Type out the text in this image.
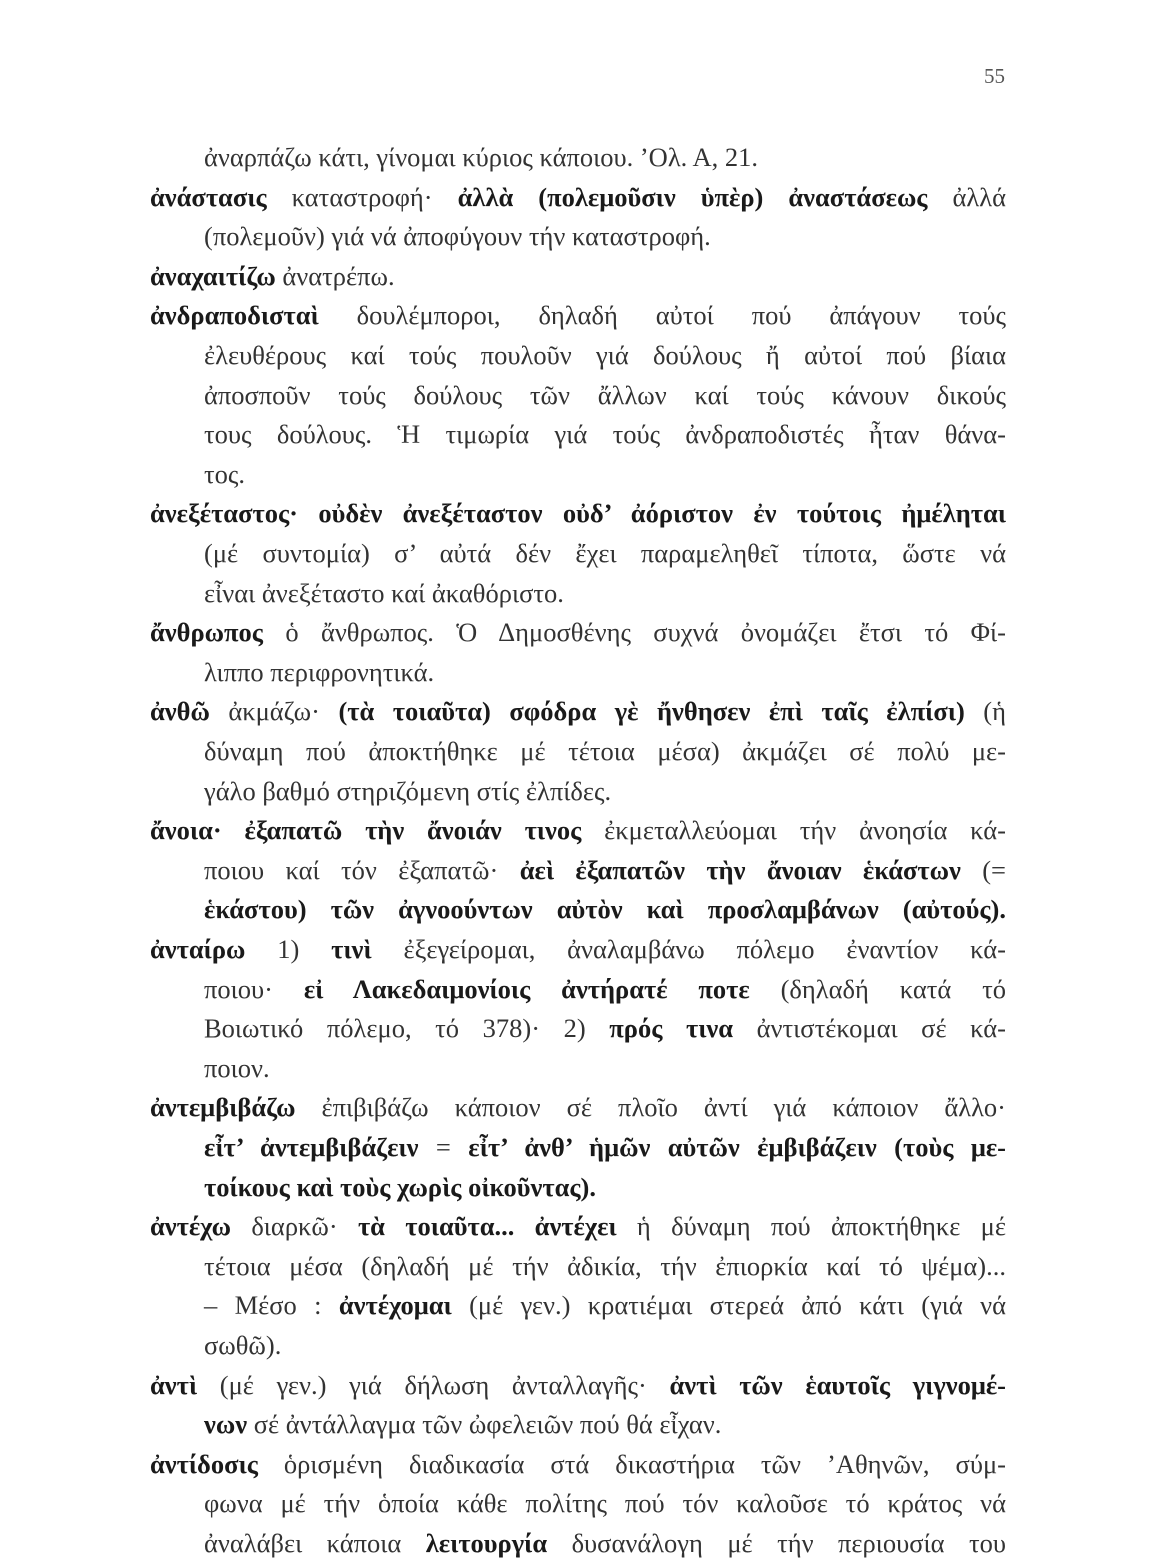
55
ἀναρπάζω κάτι, γίνομαι κύριος κάποιου. ’Ολ. Α, 21.
ἀνάστασις καταστροφή· ἀλλὰ (πολεμοῦσιν ὑπὲρ) ἀναστάσεως ἀλλά
(πολεμοῦν) γιά νά ἀποφύγουν τήν καταστροφή.
ἀναχαιτίζω ἀνατρέπω.
ἀνδραποδισταὶ δουλέμποροι, δηλαδή αὐτοί πού ἀπάγουν τούς
ἐλευθέρους καί τούς πουλοῦν γιά δούλους ἤ αὐτοί πού βίαια
ἀποσποῦν τούς δούλους τῶν ἄλλων καί τούς κάνουν δικούς
τους δούλους. Ἡ τιμωρία γιά τούς ἀνδραποδιστές ἦταν θάνα-
τος.
ἀνεξέταστος· οὐδὲν ἀνεξέταστον οὐδ’ ἀόριστον ἐν τούτοις ἠμέληται
(μέ συντομία) σ’ αὐτά δέν ἔχει παραμεληθεῖ τίποτα, ὥστε νά
εἶναι ἀνεξέταστο καί ἀκαθόριστο.
ἄνθρωπος ὁ ἄνθρωπος. Ὁ Δημοσθένης συχνά ὀνομάζει ἔτσι τό Φί-
λιππο περιφρονητικά.
ἀνθῶ ἀκμάζω· (τὰ τοιαῦτα) σφόδρα γὲ ἤνθησεν ἐπὶ ταῖς ἐλπίσι) (ἡ
δύναμη πού ἀποκτήθηκε μέ τέτοια μέσα) ἀκμάζει σέ πολύ με-
γάλο βαθμό στηριζόμενη στίς ἐλπίδες.
ἄνοια· ἐξαπατῶ τὴν ἄνοιάν τινος ἐκμεταλλεύομαι τήν ἀνοησία κά-
ποιου καί τόν ἐξαπατῶ· ἀεὶ ἐξαπατῶν τὴν ἄνοιαν ἑκάστων (=
ἑκάστου) τῶν ἀγνοούντων αὐτὸν καὶ προσλαμβάνων (αὐτούς).
ἀνταίρω 1) τινὶ ἐξεγείρομαι, ἀναλαμβάνω πόλεμο ἐναντίον κά-
ποιου· εἰ Λακεδαιμονίοις ἀντήρατέ ποτε (δηλαδή κατά τό
Βοιωτικό πόλεμο, τό 378)· 2) πρός τινα ἀντιστέκομαι σέ κά-
ποιον.
ἀντεμβιβάζω ἐπιβιβάζω κάποιον σέ πλοῖο ἀντί γιά κάποιον ἄλλο·
εἶτ’ ἀντεμβιβάζειν = εἶτ’ ἀνθ’ ἡμῶν αὐτῶν ἐμβιβάζειν (τοὺς με-
τοίκους καὶ τοὺς χωρὶς οἰκοῦντας).
ἀντέχω διαρκῶ· τὰ τοιαῦτα... ἀντέχει ἡ δύναμη πού ἀποκτήθηκε μέ
τέτοια μέσα (δηλαδή μέ τήν ἀδικία, τήν ἐπιορκία καί τό ψέμα)...
– Μέσο : ἀντέχομαι (μέ γεν.) κρατιέμαι στερεά ἀπό κάτι (γιά νά
σωθῶ).
ἀντὶ (μέ γεν.) γιά δήλωση ἀνταλλαγῆς· ἀντὶ τῶν ἑαυτοῖς γιγνομέ-
νων σέ ἀντάλλαγμα τῶν ὠφελειῶν πού θά εἶχαν.
ἀντίδοσις ὁρισμένη διαδικασία στά δικαστήρια τῶν ’Αθηνῶν, σύμ-
φωνα μέ τήν ὁποία κάθε πολίτης πού τόν καλοῦσε τό κράτος νά
ἀναλάβει κάποια λειτουργία δυσανάλογη μέ τήν περιουσία του
